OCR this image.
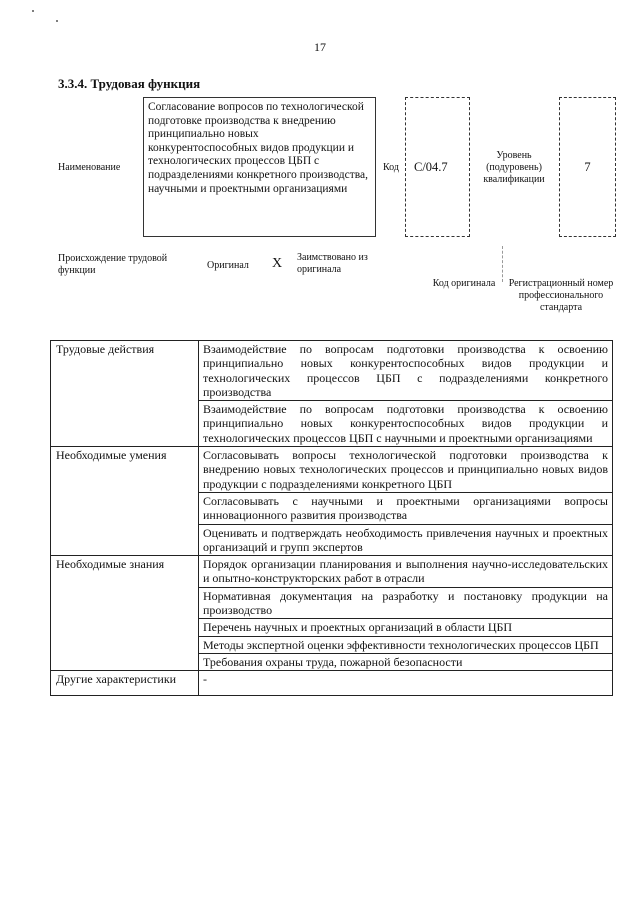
17
3.3.4. Трудовая функция
Наименование
Согласование вопросов по технологической подготовке производства к внедрению принципиально новых конкурентоспособных видов продукции и технологических процессов ЦБП с подразделениями конкретного производства, научными и проектными организациями
Код С/04.7
Уровень (подуровень) квалификации
7
Происхождение трудовой функции	Оригинал X Заимствовано из оригинала
Код оригинала Регистрационный номер профессионального стандарта
Трудовые действия	Взаимодействие по вопросам подготовки производства к освоению принципиально новых конкурентоспособных видов продукции и технологических процессов ЦБП с подразделениями конкретного производства
	Взаимодействие по вопросам подготовки производства к освоению принципиально новых конкурентоспособных видов продукции и технологических процессов ЦБП с научными и проектными организациями
Необходимые умения	Согласовывать вопросы технологической подготовки производства к внедрению новых технологических процессов и принципиально новых видов продукции с подразделениями конкретного ЦБП
	Согласовывать с научными и проектными организациями вопросы инновационного развития производства
	Оценивать и подтверждать необходимость привлечения научных и проектных организаций и групп экспертов
Необходимые знания	Порядок организации планирования и выполнения научно-исследовательских и опытно-конструкторских работ в отрасли
	Нормативная документация на разработку и постановку продукции на производство
	Перечень научных и проектных организаций в области ЦБП
	Методы экспертной оценки эффективности технологических процессов ЦБП
	Требования охраны труда, пожарной безопасности
Другие характеристики	-
